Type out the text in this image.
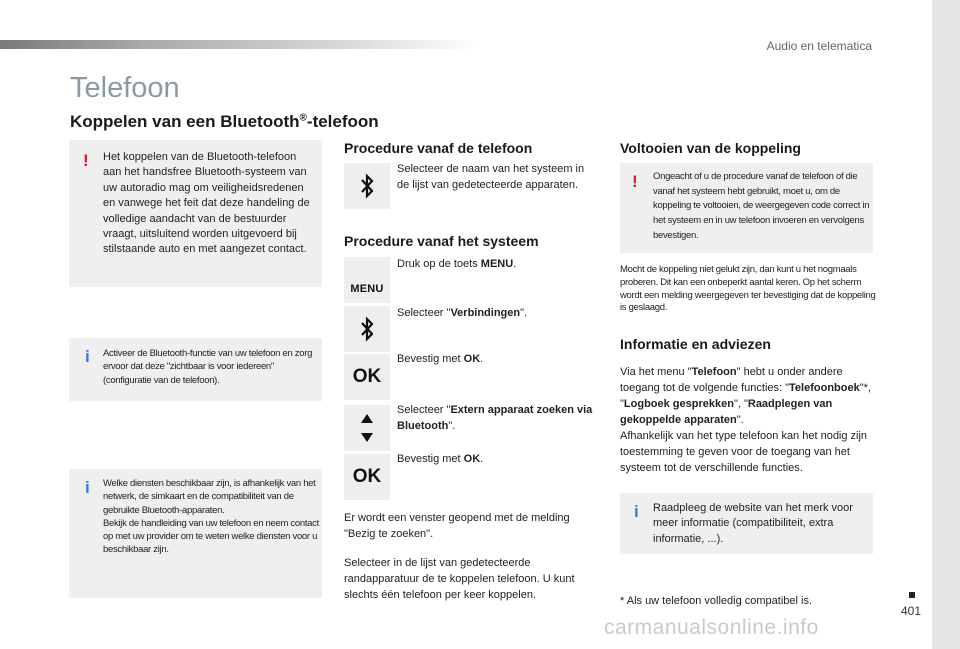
Audio en telematica
Telefoon
Koppelen van een Bluetooth®-telefoon
! Het koppelen van de Bluetooth-telefoon aan het handsfree Bluetooth-systeem van uw autoradio mag om veiligheidsredenen en vanwege het feit dat deze handeling de volledige aandacht van de bestuurder vraagt, uitsluitend worden uitgevoerd bij stilstaande auto en met aangezet contact.
i Activeer de Bluetooth-functie van uw telefoon en zorg ervoor dat deze "zichtbaar is voor iedereen" (configuratie van de telefoon).
i Welke diensten beschikbaar zijn, is afhankelijk van het netwerk, de simkaart en de compatibiliteit van de gebruikte Bluetooth-apparaten.
Bekijk de handleiding van uw telefoon en neem contact op met uw provider om te weten welke diensten voor u beschikbaar zijn.
Procedure vanaf de telefoon
Selecteer de naam van het systeem in de lijst van gedetecteerde apparaten.
Procedure vanaf het systeem
MENU
Druk op de toets MENU.
Selecteer "Verbindingen".
OK
Bevestig met OK.
Selecteer "Extern apparaat zoeken via Bluetooth".
OK
Bevestig met OK.
Er wordt een venster geopend met de melding "Bezig te zoeken".
Selecteer in de lijst van gedetecteerde randapparatuur de te koppelen telefoon. U kunt slechts één telefoon per keer koppelen.
Voltooien van de koppeling
! Ongeacht of u de procedure vanaf de telefoon of die vanaf het systeem hebt gebruikt, moet u, om de koppeling te voltooien, de weergegeven code correct in het systeem en in uw telefoon invoeren en vervolgens bevestigen.
Mocht de koppeling niet gelukt zijn, dan kunt u het nogmaals proberen. Dit kan een onbeperkt aantal keren. Op het scherm wordt een melding weergegeven ter bevestiging dat de koppeling is geslaagd.
Informatie en adviezen
Via het menu "Telefoon" hebt u onder andere toegang tot de volgende functies: "Telefoonboek"*, "Logboek gesprekken", "Raadplegen van gekoppelde apparaten".
Afhankelijk van het type telefoon kan het nodig zijn toestemming te geven voor de toegang van het systeem tot de verschillende functies.
i Raadpleeg de website van het merk voor meer informatie (compatibiliteit, extra informatie, ...).
* Als uw telefoon volledig compatibel is.
401
carmanualsonline.info
